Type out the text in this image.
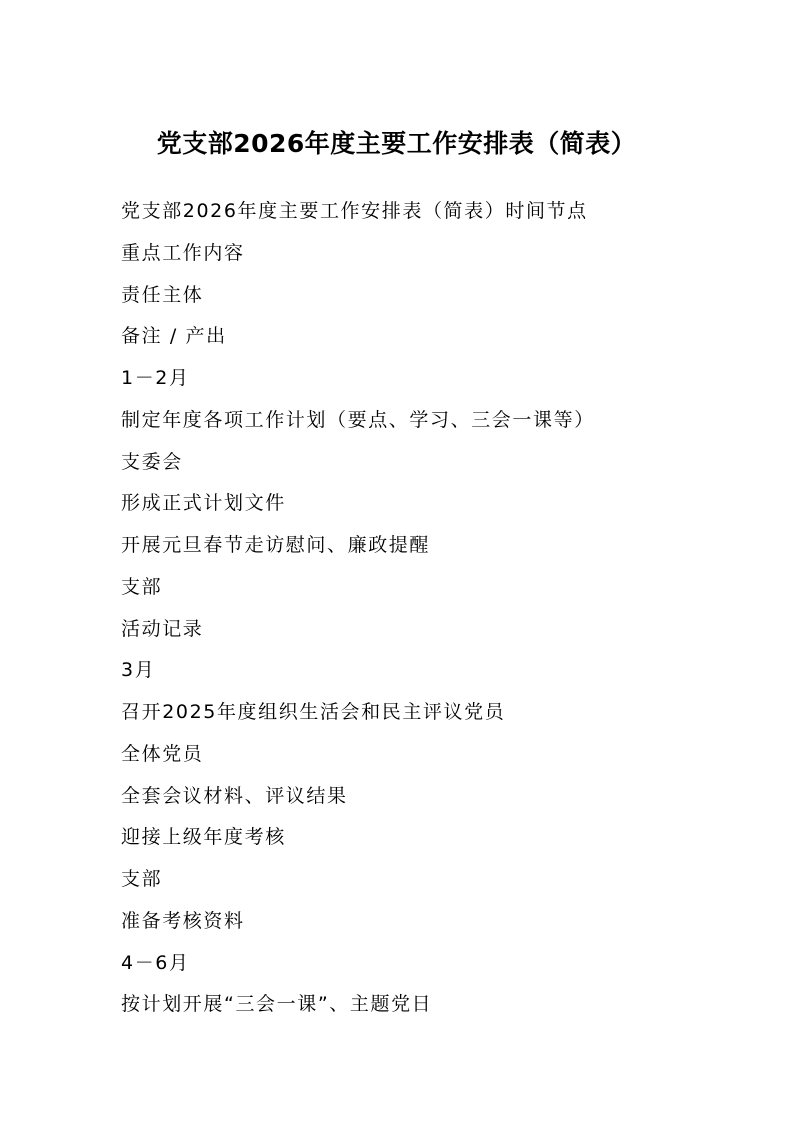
党支部2026年度主要工作安排表（简表）
党支部2026年度主要工作安排表（简表）时间节点
重点工作内容
责任主体
备注 / 产出
1－2月
制定年度各项工作计划（要点、学习、三会一课等）
支委会
形成正式计划文件
开展元旦春节走访慰问、廉政提醒
支部
活动记录
3月
召开2025年度组织生活会和民主评议党员
全体党员
全套会议材料、评议结果
迎接上级年度考核
支部
准备考核资料
4－6月
按计划开展“三会一课”、主题党日
